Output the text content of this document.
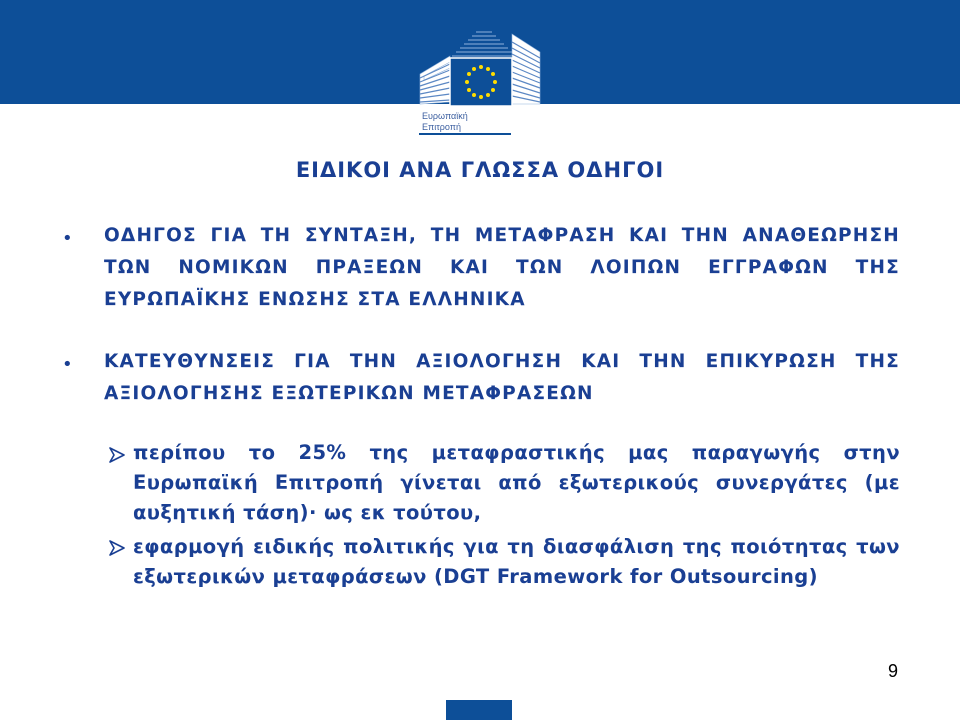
Ευρωπαϊκή
Επιτροπή
ΕΙΔΙΚΟΙ ΑΝΑ ΓΛΩΣΣΑ ΟΔΗΓΟΙ
• ΟΔΗΓΟΣ ΓΙΑ ΤΗ ΣΥΝΤΑΞΗ, ΤΗ ΜΕΤΑΦΡΑΣΗ ΚΑΙ ΤΗΝ ΑΝΑΘΕΩΡΗΣΗ ΤΩΝ ΝΟΜΙΚΩΝ ΠΡΑΞΕΩΝ ΚΑΙ ΤΩΝ ΛΟΙΠΩΝ ΕΓΓΡΑΦΩΝ ΤΗΣ ΕΥΡΩΠΑΪΚΗΣ ΕΝΩΣΗΣ ΣΤΑ ΕΛΛΗΝΙΚΑ
• ΚΑΤΕΥΘΥΝΣΕΙΣ ΓΙΑ ΤΗΝ ΑΞΙΟΛΟΓΗΣΗ ΚΑΙ ΤΗΝ ΕΠΙΚΥΡΩΣΗ ΤΗΣ ΑΞΙΟΛΟΓΗΣΗΣ ΕΞΩΤΕΡΙΚΩΝ ΜΕΤΑΦΡΑΣΕΩΝ
περίπου το 25% της μεταφραστικής μας παραγωγής στην Ευρωπαϊκή Επιτροπή γίνεται από εξωτερικούς συνεργάτες (με αυξητική τάση)· ως εκ τούτου,
εφαρμογή ειδικής πολιτικής για τη διασφάλιση της ποιότητας των εξωτερικών μεταφράσεων (DGT Framework for Outsourcing)
9
